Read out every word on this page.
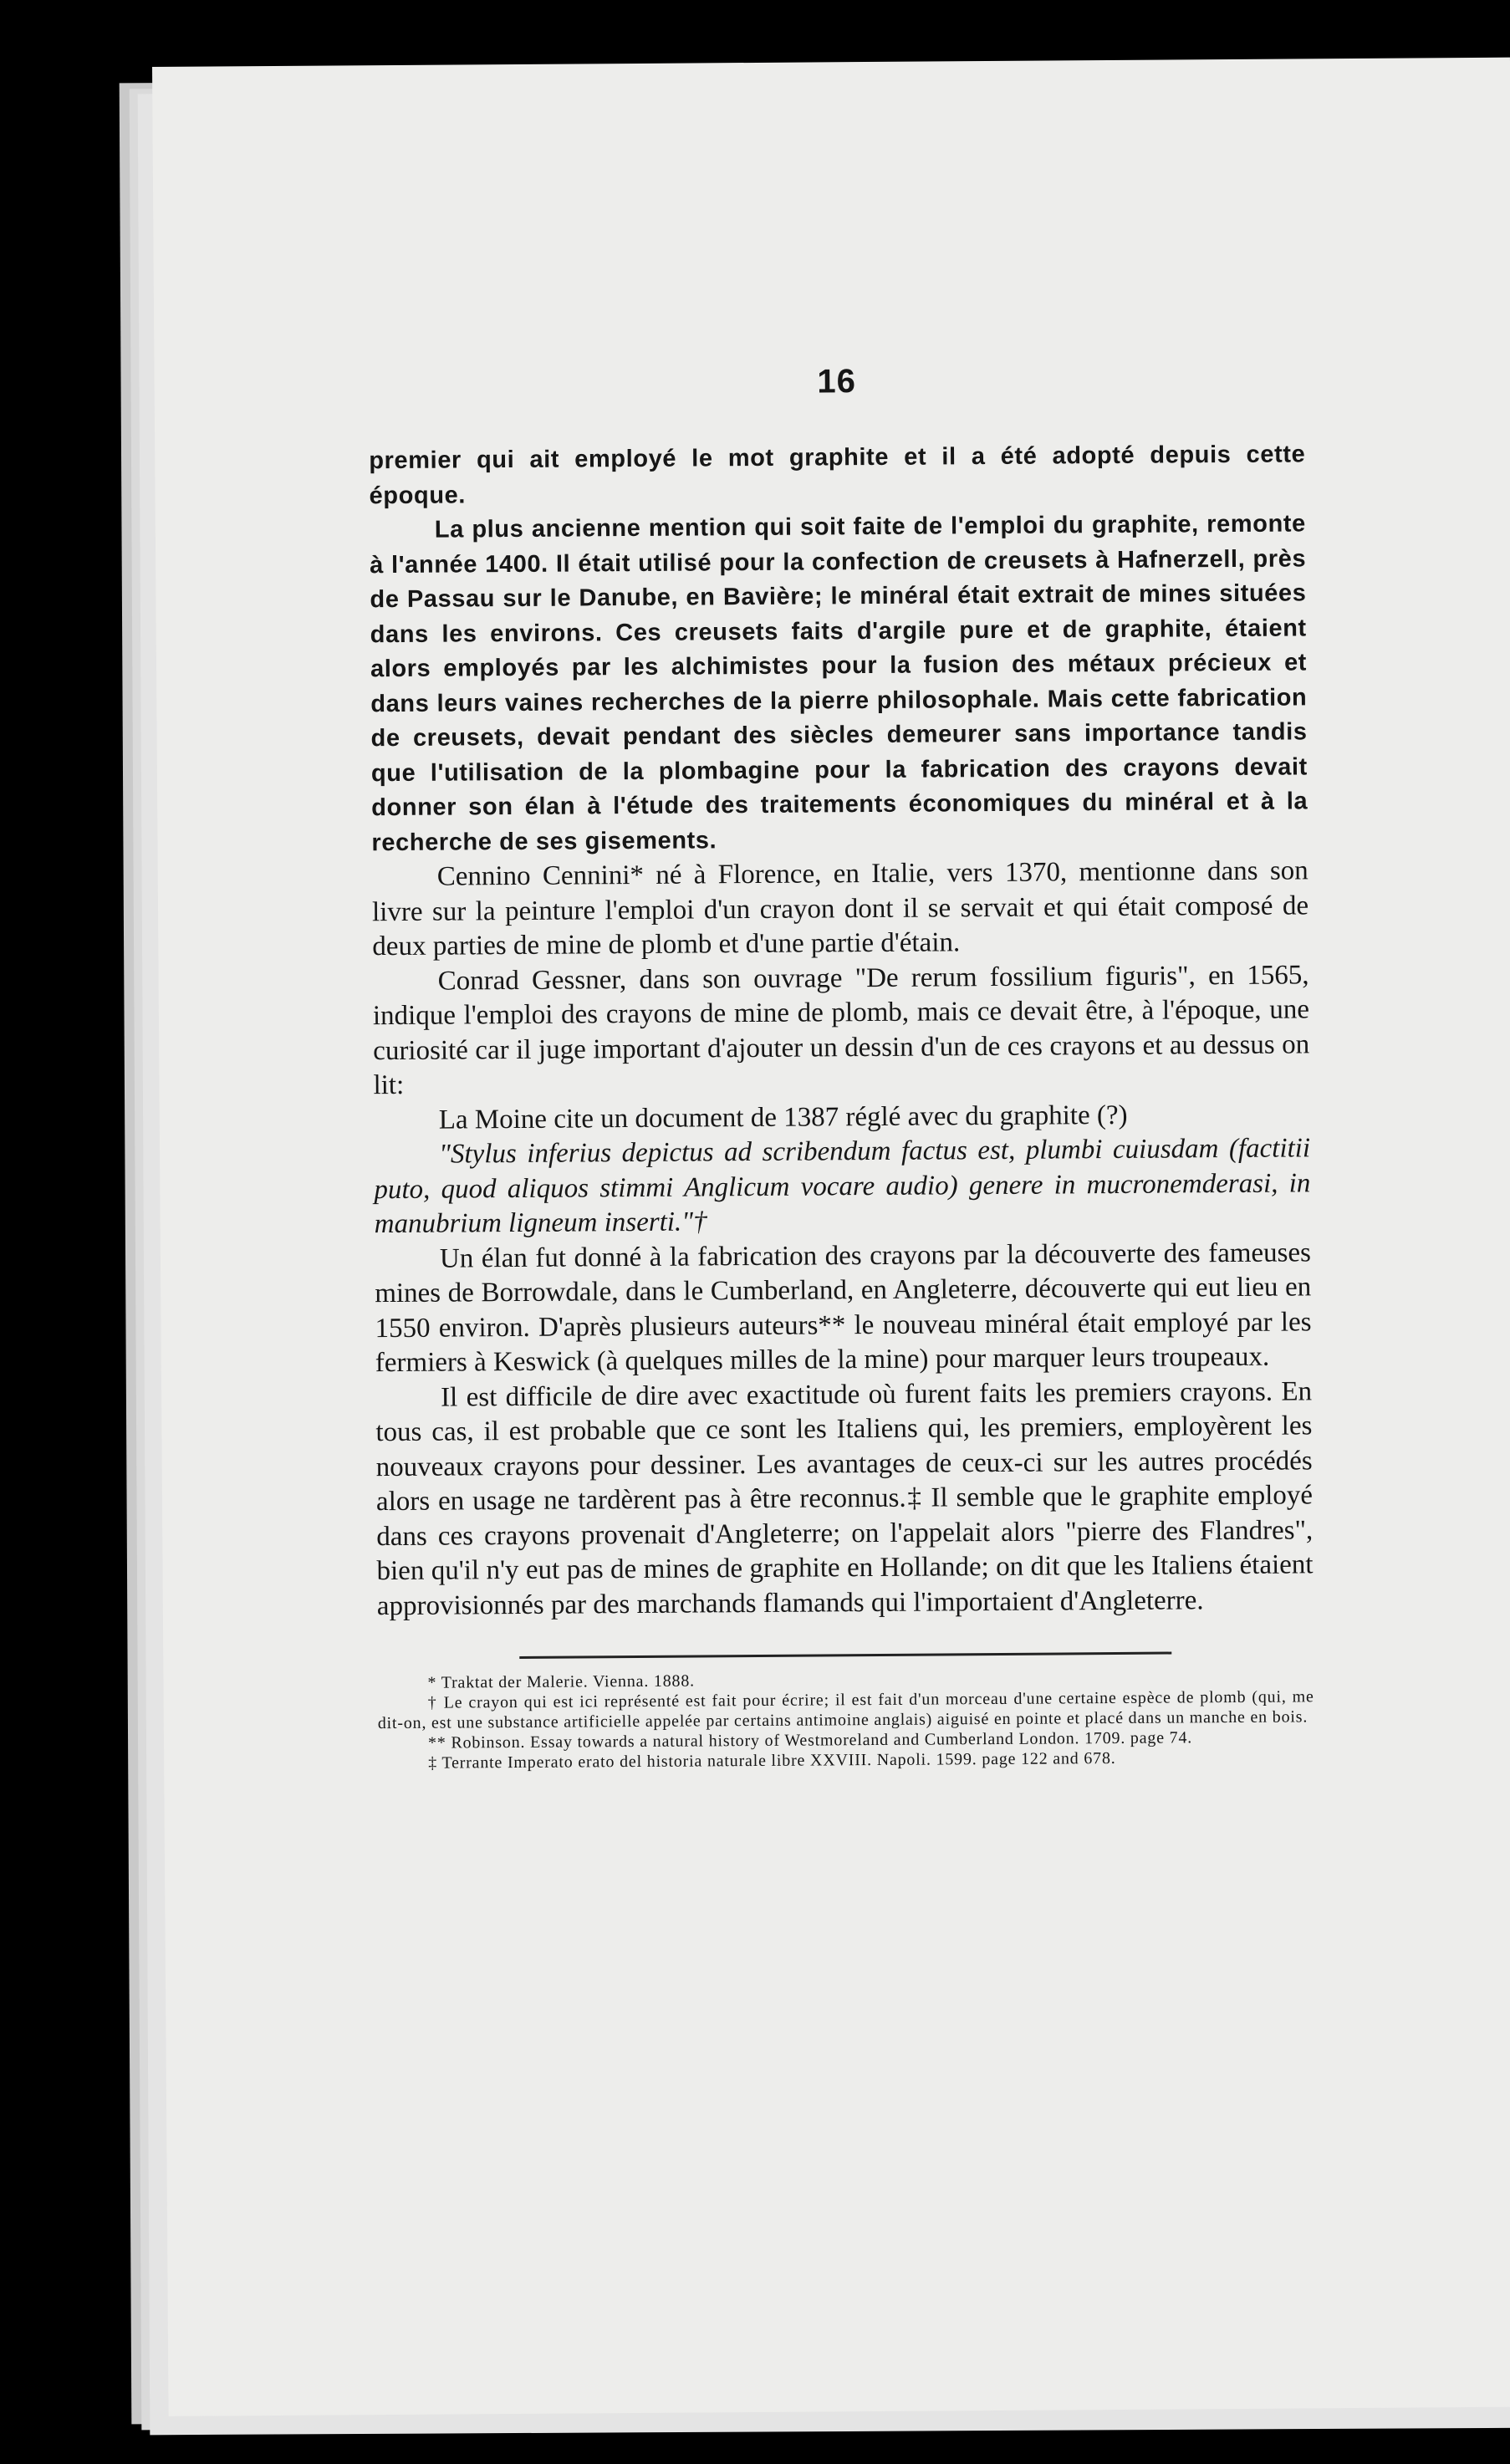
16

premier qui ait employé le mot graphite et il a été adopté depuis cette époque.

La plus ancienne mention qui soit faite de l'emploi du graphite, remonte à l'année 1400. Il était utilisé pour la confection de creusets à Hafnerzell, près de Passau sur le Danube, en Bavière; le minéral était extrait de mines situées dans les environs. Ces creusets faits d'argile pure et de graphite, étaient alors employés par les alchimistes pour la fusion des métaux précieux et dans leurs vaines recherches de la pierre philosophale. Mais cette fabrication de creusets, devait pendant des siècles demeurer sans importance tandis que l'utilisation de la plombagine pour la fabrication des crayons devait donner son élan à l'étude des traitements économiques du minéral et à la recherche de ses gisements.

Cennino Cennini* né à Florence, en Italie, vers 1370, mentionne dans son livre sur la peinture l'emploi d'un crayon dont il se servait et qui était composé de deux parties de mine de plomb et d'une partie d'étain.

Conrad Gessner, dans son ouvrage "De rerum fossilium figuris", en 1565, indique l'emploi des crayons de mine de plomb, mais ce devait être, à l'époque, une curiosité car il juge important d'ajouter un dessin d'un de ces crayons et au dessus on lit:

La Moine cite un document de 1387 réglé avec du graphite (?)

"Stylus inferius depictus ad scribendum factus est, plumbi cuiusdam (factitii puto, quod aliquos stimmi Anglicum vocare audio) genere in mucronemderasi, in manubrium ligneum inserti."†

Un élan fut donné à la fabrication des crayons par la découverte des fameuses mines de Borrowdale, dans le Cumberland, en Angleterre, découverte qui eut lieu en 1550 environ. D'après plusieurs auteurs** le nouveau minéral était employé par les fermiers à Keswick (à quelques milles de la mine) pour marquer leurs troupeaux.

Il est difficile de dire avec exactitude où furent faits les premiers crayons. En tous cas, il est probable que ce sont les Italiens qui, les premiers, employèrent les nouveaux crayons pour dessiner. Les avantages de ceux-ci sur les autres procédés alors en usage ne tardèrent pas à être reconnus.‡ Il semble que le graphite employé dans ces crayons provenait d'Angleterre; on l'appelait alors "pierre des Flandres", bien qu'il n'y eut pas de mines de graphite en Hollande; on dit que les Italiens étaient approvisionnés par des marchands flamands qui l'importaient d'Angleterre.

* Traktat der Malerie. Vienna. 1888.

† Le crayon qui est ici représenté est fait pour écrire; il est fait d'un morceau d'une certaine espèce de plomb (qui, me dit-on, est une substance artificielle appelée par certains antimoine anglais) aiguisé en pointe et placé dans un manche en bois.

** Robinson. Essay towards a natural history of Westmoreland and Cumberland London. 1709. page 74.

‡ Terrante Imperato erato del historia naturale libre XXVIII. Napoli. 1599. page 122 and 678.
